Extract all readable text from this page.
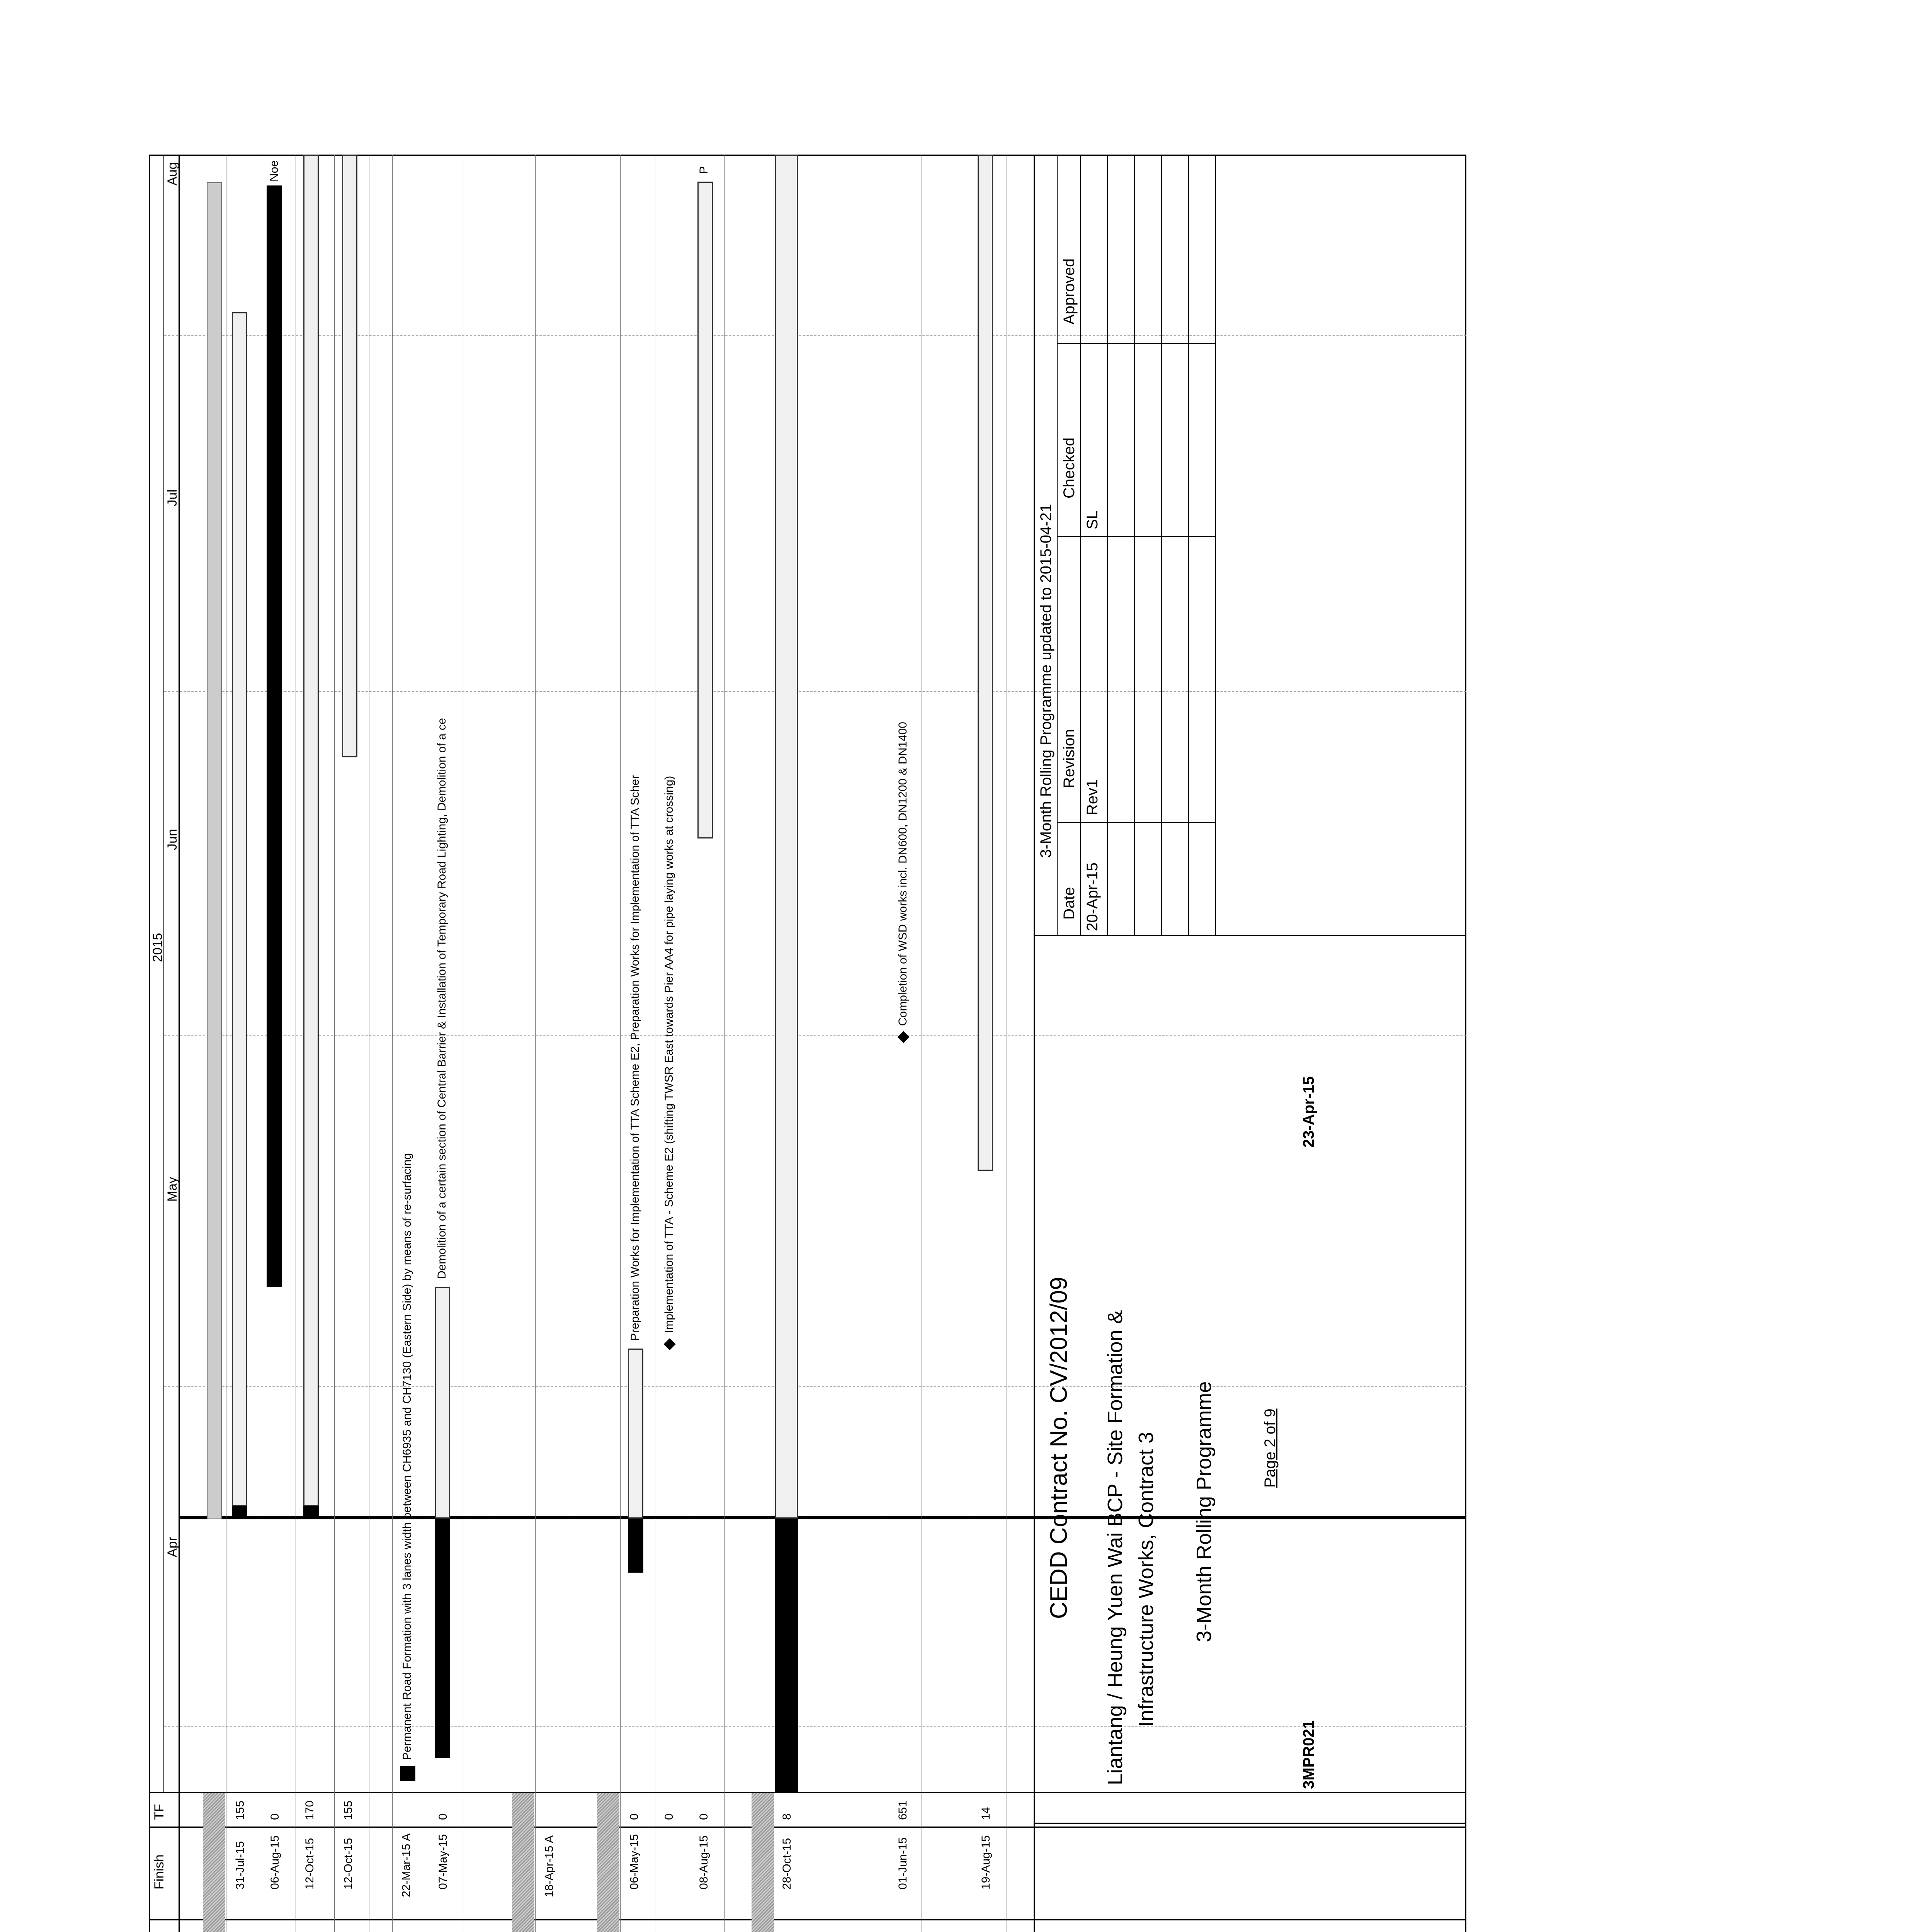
Finish
TF
2015
Apr
May
Jun
Jul
Aug
31-Jul-15
155
06-Aug-15
0
Noe
12-Oct-15
170
12-Oct-15
155
22-Mar-15 A
Permanent Road Formation with 3 lanes width between CH6935 and CH7130 (Eastern Side) by means of re-surfacing
07-May-15
0
Demolition of a certain section of Central Barrier & Installation of Temporary Road Lighting, Demolition of a ce
18-Apr-15 A	06-May-15
0
Preparation Works for Implementation of TTA Scheme E2, Preparation Works for Implementation of TTA Scher
0
Implementation of TTA - Scheme E2 (shifting TWSR East towards Pier AA4 for pipe laying works at crossing)
08-Aug-15
0
P
28-Oct-15
8
01-Jun-15
651
Completion of WSD works incl. DN600, DN1200 & DN1400
19-Aug-15
14
CEDD Contract No. CV/2012/09 Liantang / Heung Yuen Wai BCP - Site Formation & Infrastructure Works, Contract 3 3-Month Rolling Programme	Page 2 of 9
3MPR021
23-Apr-15
3-Month Rolling Programme updated to 2015-04-21
Date
Revision
Checked
Approved
20-Apr-15
Rev1
SL
